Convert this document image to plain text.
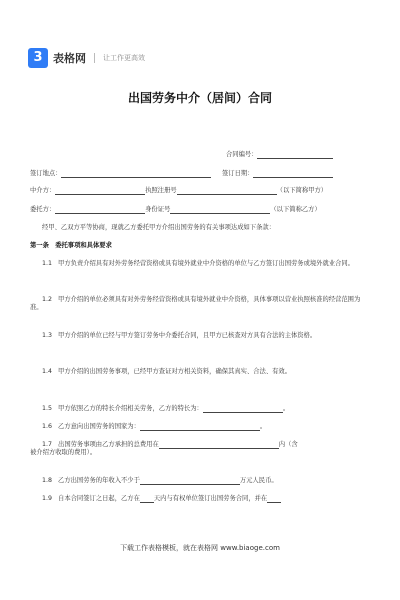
3 表格网 让工作更高效
出国劳务中介（居间）合同
合同编号：
签订地点：	签订日期：
中介方：	执照注册号	（以下简称甲方）
委托方：	身份证号	（以下简称乙方）
经甲、乙双方平等协商，现就乙方委托甲方介绍出国劳务的有关事项达成如下条款：
第一条　委托事项和具体要求
1.1 甲方负责介绍具有对外劳务经营资格或具有境外就业中介资格的单位与乙方签订出国劳务或境外就业合同。
1.2 甲方介绍的单位必须具有对外劳务经营资格或具有境外就业中介资格，具体事项以营业执照核准的经营范围为准。
1.3 甲方介绍的单位已经与甲方签订劳务中介委托合同，且甲方已核查对方具有合法的主体资格。
1.4 甲方介绍的出国劳务事项，已经甲方查证对方相关资料，确保其真实、合法、有效。
1.5 甲方依照乙方的特长介绍相关劳务，乙方的特长为：	。
1.6 乙方意向出国劳务的国家为：	。
1.7 出国劳务事项由乙方承担的总费用在	内（含
被介绍方收取的费用）。
1.8 乙方出国劳务的年收入不少于	万元人民币。
1.9 自本合同签订之日起，乙方在 天内与有权单位签订出国劳务合同，并在
下载工作表格模板，就在表格网 www.biaoge.com
